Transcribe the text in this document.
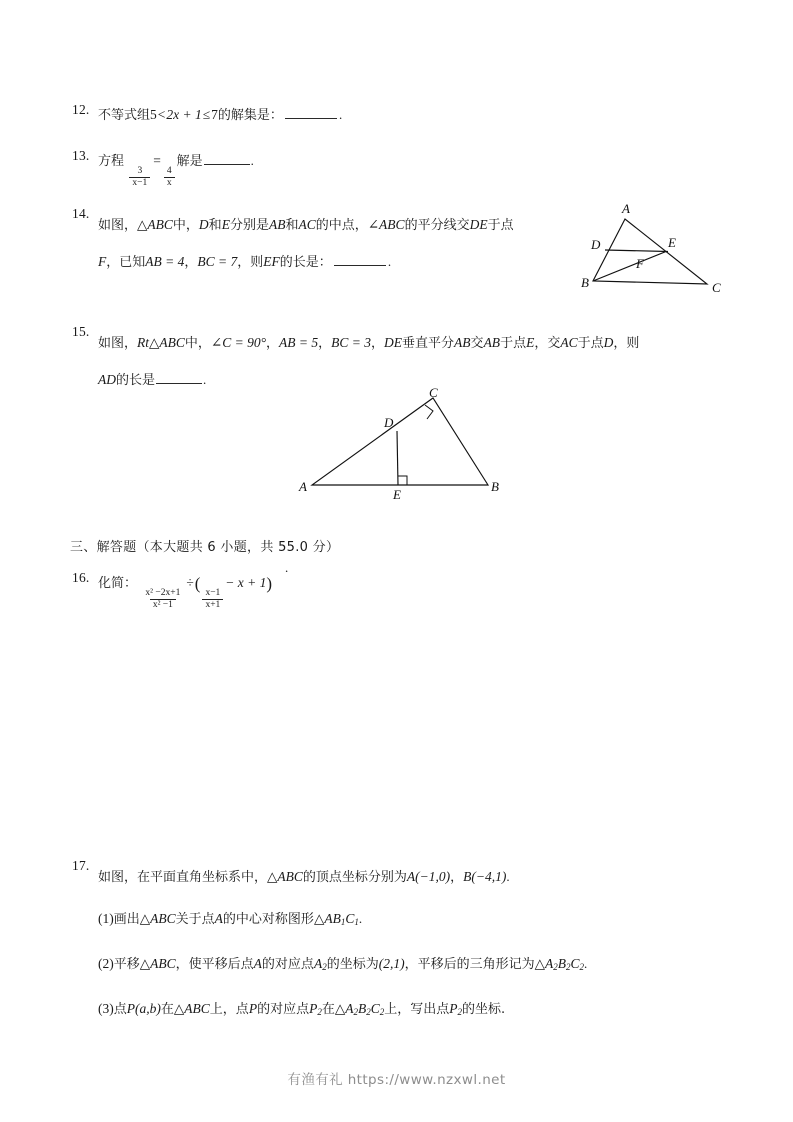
12. 不等式组5<2x + 1≤7的解集是：	.
13. 方程
$\frac{3}{x-1}$
=
$\frac{4}{x}$
解是	.
14.
如图，△ABC中，D和E分别是AB和AC的中点，∠ABC的平分线交DE于点
F，已知AB = 4，BC = 7，则EF的长是：	.
A
B	C
D	E
F
15.
如图，Rt△ABC中，∠C = 90°，AB = 5，BC = 3，DE垂直平分AB交AB于点E，交AC于点D，则
AD的长是	.
A	B
C
D
E
三、解答题（本大题共 6 小题，共 55.0 分）
16. 化简：
$\frac{\text{x² −2x+1}}{\text{x² −1}}$
÷(
$\frac{x-1}{x+1}$
− x + 1)
.
17.
如图，在平面直角坐标系中，△ABC的顶点坐标分别为A(−1,0)，B(−4,1).
(1)画出△ABC关于点A的中心对称图形$\triangle AB_1C_1$.
(2)平移△ABC，使平移后点A的对应点$A_2$的坐标为(2,1)，平移后的三角形记为$\triangle A_2B_2C_2$.
(3)点P(a,b)在△ABC上，点P的对应点$P_2$在$\triangle A_2B_2C_2$上，写出点$P_2$的坐标.
有渔有礼 https://www.nzxwl.net
